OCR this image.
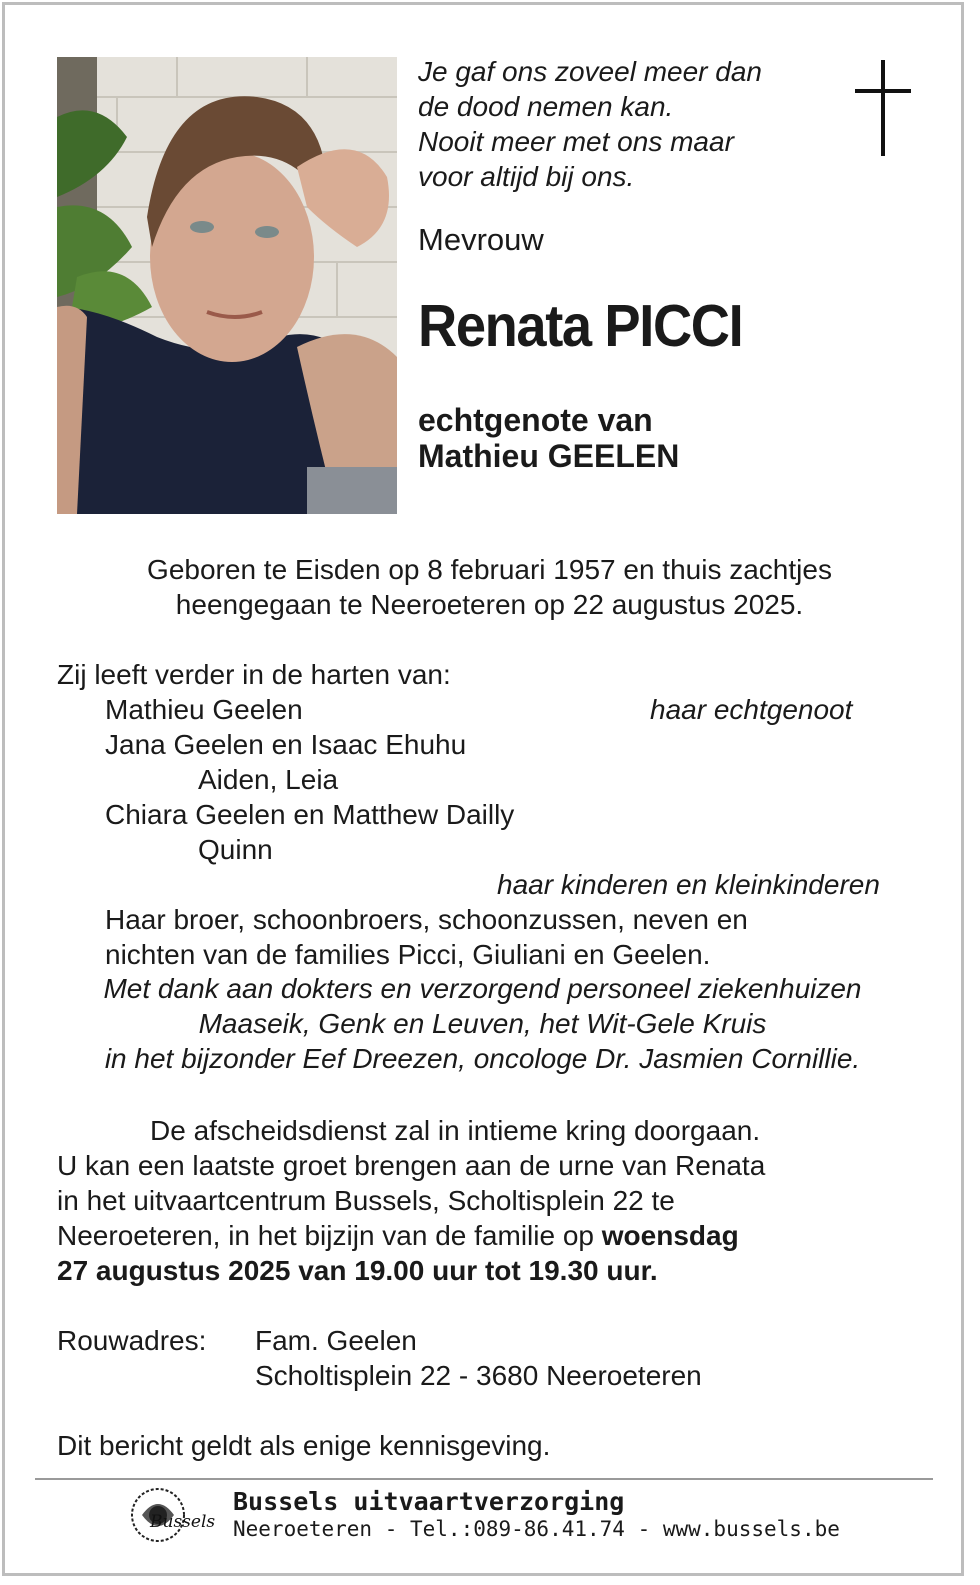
Je gaf ons zoveel meer dan
de dood nemen kan.
Nooit meer met ons maar
voor altijd bij ons.
Mevrouw
Renata PICCI
echtgenote van
Mathieu GEELEN
Geboren te Eisden op 8 februari 1957 en thuis zachtjes
heengegaan te Neeroeteren op 22 augustus 2025.
Zij leeft verder in de harten van:
Mathieu Geelen	haar echtgenoot
Jana Geelen en Isaac Ehuhu
Aiden, Leia
Chiara Geelen en Matthew Dailly
Quinn
haar kinderen en kleinkinderen
Haar broer, schoonbroers, schoonzussen, neven en
nichten van de families Picci, Giuliani en Geelen.
Met dank aan dokters en verzorgend personeel ziekenhuizen
Maaseik, Genk en Leuven, het Wit-Gele Kruis
in het bijzonder Eef Dreezen, oncologe Dr. Jasmien Cornillie.
De afscheidsdienst zal in intieme kring doorgaan.
U kan een laatste groet brengen aan de urne van Renata
in het uitvaartcentrum Bussels, Scholtisplein 22 te
Neeroeteren, in het bijzijn van de familie op woensdag
27 augustus 2025 van 19.00 uur tot 19.30 uur.
Rouwadres: Fam. Geelen
Scholtisplein 22 - 3680 Neeroeteren
Dit bericht geldt als enige kennisgeving.
Bussels
Bussels uitvaartverzorging
Neeroeteren - Tel.:089-86.41.74 - www.bussels.be
